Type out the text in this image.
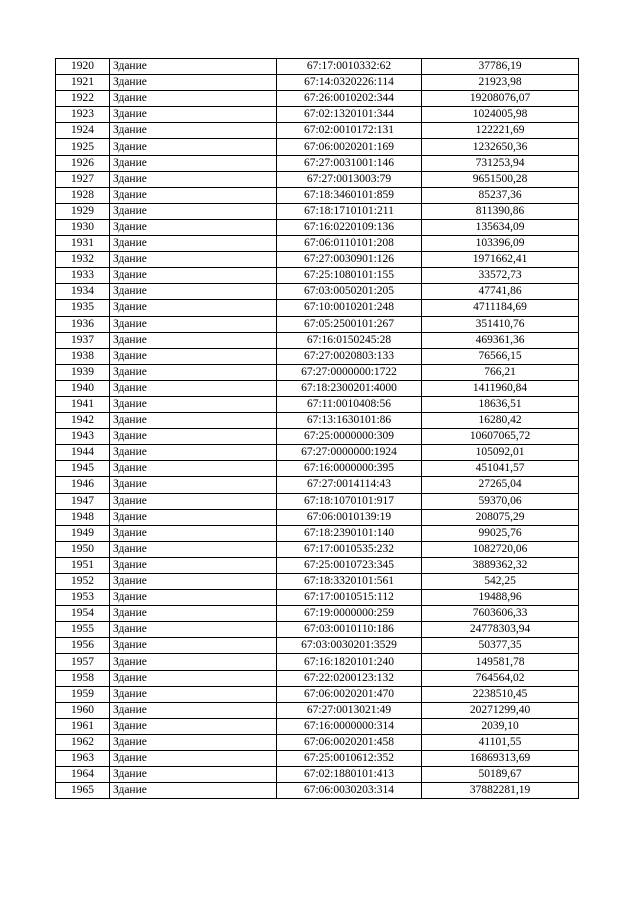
1920	Здание	67:17:0010332:62	37786,19
1921	Здание	67:14:0320226:114	21923,98
1922	Здание	67:26:0010202:344	19208076,07
1923	Здание	67:02:1320101:344	1024005,98
1924	Здание	67:02:0010172:131	122221,69
1925	Здание	67:06:0020201:169	1232650,36
1926	Здание	67:27:0031001:146	731253,94
1927	Здание	67:27:0013003:79	9651500,28
1928	Здание	67:18:3460101:859	85237,36
1929	Здание	67:18:1710101:211	811390,86
1930	Здание	67:16:0220109:136	135634,09
1931	Здание	67:06:0110101:208	103396,09
1932	Здание	67:27:0030901:126	1971662,41
1933	Здание	67:25:1080101:155	33572,73
1934	Здание	67:03:0050201:205	47741,86
1935	Здание	67:10:0010201:248	4711184,69
1936	Здание	67:05:2500101:267	351410,76
1937	Здание	67:16:0150245:28	469361,36
1938	Здание	67:27:0020803:133	76566,15
1939	Здание	67:27:0000000:1722	766,21
1940	Здание	67:18:2300201:4000	1411960,84
1941	Здание	67:11:0010408:56	18636,51
1942	Здание	67:13:1630101:86	16280,42
1943	Здание	67:25:0000000:309	10607065,72
1944	Здание	67:27:0000000:1924	105092,01
1945	Здание	67:16:0000000:395	451041,57
1946	Здание	67:27:0014114:43	27265,04
1947	Здание	67:18:1070101:917	59370,06
1948	Здание	67:06:0010139:19	208075,29
1949	Здание	67:18:2390101:140	99025,76
1950	Здание	67:17:0010535:232	1082720,06
1951	Здание	67:25:0010723:345	3889362,32
1952	Здание	67:18:3320101:561	542,25
1953	Здание	67:17:0010515:112	19488,96
1954	Здание	67:19:0000000:259	7603606,33
1955	Здание	67:03:0010110:186	24778303,94
1956	Здание	67:03:0030201:3529	50377,35
1957	Здание	67:16:1820101:240	149581,78
1958	Здание	67:22:0200123:132	764564,02
1959	Здание	67:06:0020201:470	2238510,45
1960	Здание	67:27:0013021:49	20271299,40
1961	Здание	67:16:0000000:314	2039,10
1962	Здание	67:06:0020201:458	41101,55
1963	Здание	67:25:0010612:352	16869313,69
1964	Здание	67:02:1880101:413	50189,67
1965	Здание	67:06:0030203:314	37882281,19
